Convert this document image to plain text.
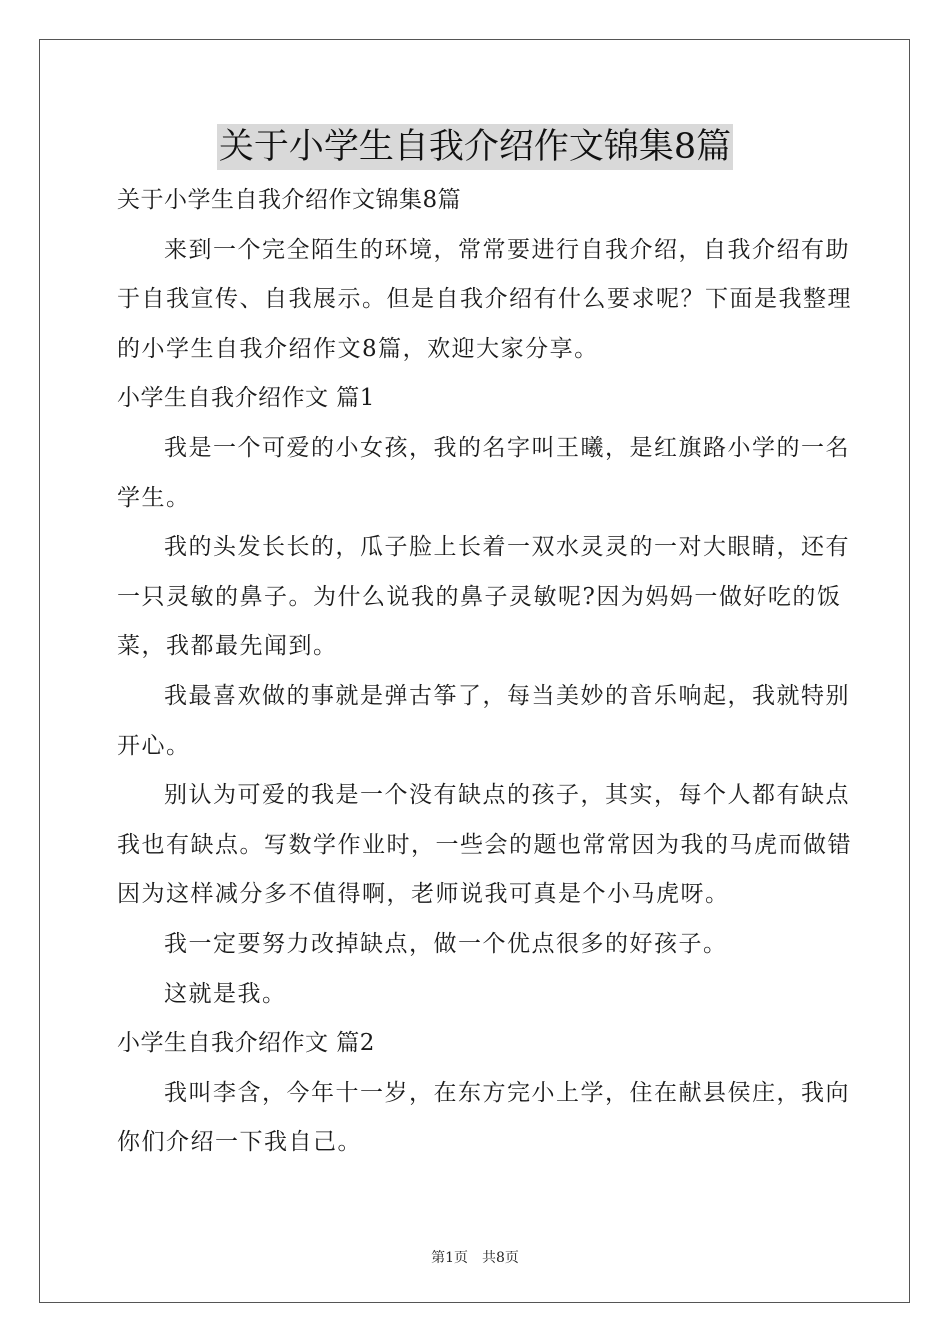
关于小学生自我介绍作文锦集8篇
关于小学生自我介绍作文锦集8篇
来到一个完全陌生的环境，常常要进行自我介绍，自我介绍有助
于自我宣传、自我展示。但是自我介绍有什么要求呢？下面是我整理
的小学生自我介绍作文8篇，欢迎大家分享。
小学生自我介绍作文 篇1
我是一个可爱的小女孩，我的名字叫王曦，是红旗路小学的一名
学生。
我的头发长长的，瓜子脸上长着一双水灵灵的一对大眼睛，还有
一只灵敏的鼻子。为什么说我的鼻子灵敏呢?因为妈妈一做好吃的饭
菜，我都最先闻到。
我最喜欢做的事就是弹古筝了，每当美妙的音乐响起，我就特别
开心。
别认为可爱的我是一个没有缺点的孩子，其实，每个人都有缺点
我也有缺点。写数学作业时，一些会的题也常常因为我的马虎而做错
因为这样减分多不值得啊，老师说我可真是个小马虎呀。
我一定要努力改掉缺点，做一个优点很多的好孩子。
这就是我。
小学生自我介绍作文 篇2
我叫李含，今年十一岁，在东方完小上学，住在献县侯庄，我向
你们介绍一下我自己。
第1页　共8页
